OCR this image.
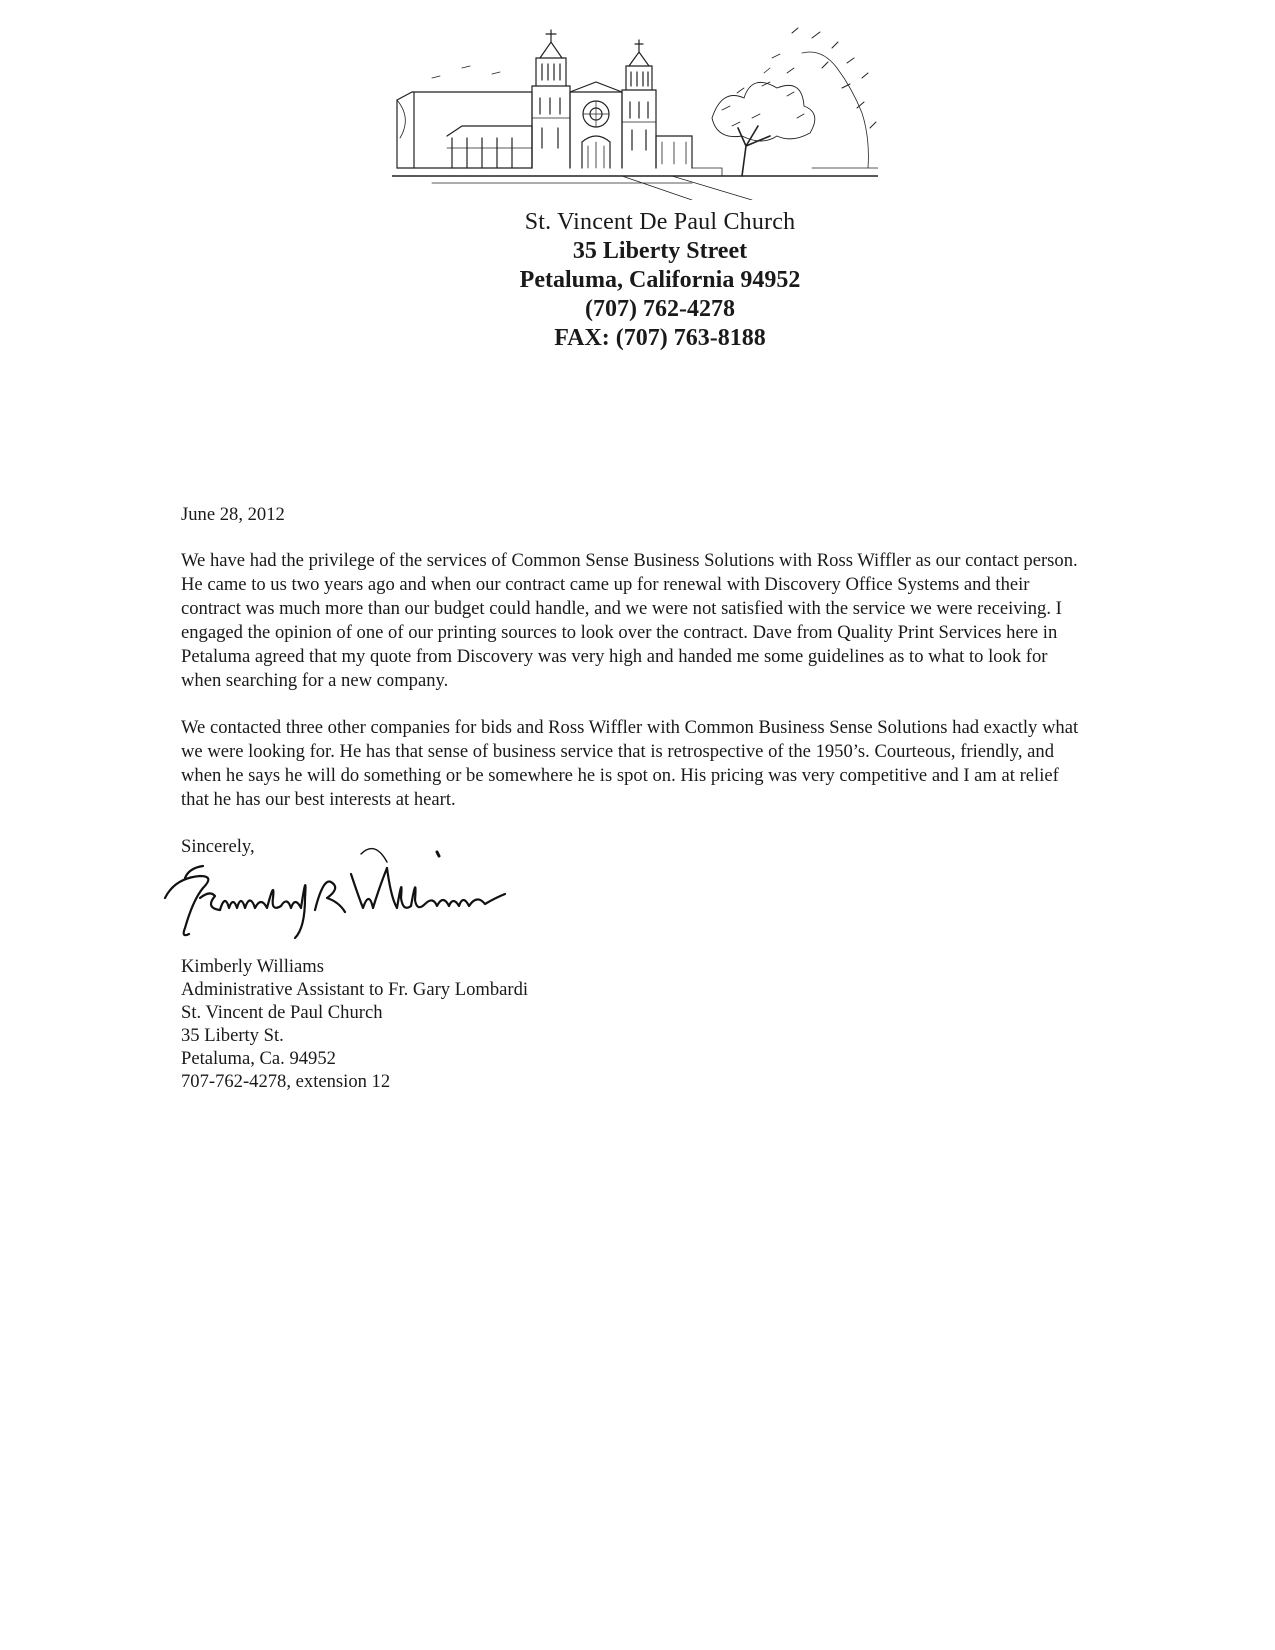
St. Vincent De Paul Church
35 Liberty Street
Petaluma, California 94952
(707) 762-4278
FAX: (707) 763-8188

June 28, 2012

We have had the privilege of the services of Common Sense Business Solutions with Ross Wiffler as our contact person. He came to us two years ago and when our contract came up for renewal with Discovery Office Systems and their contract was much more than our budget could handle, and we were not satisfied with the service we were receiving. I engaged the opinion of one of our printing sources to look over the contract. Dave from Quality Print Services here in Petaluma agreed that my quote from Discovery was very high and handed me some guidelines as to what to look for when searching for a new company.

We contacted three other companies for bids and Ross Wiffler with Common Business Sense Solutions had exactly what we were looking for. He has that sense of business service that is retrospective of the 1950’s. Courteous, friendly, and when he says he will do something or be somewhere he is spot on. His pricing was very competitive and I am at relief that he has our best interests at heart.

Sincerely,

Kimberly Williams
Administrative Assistant to Fr. Gary Lombardi
St. Vincent de Paul Church
35 Liberty St.
Petaluma, Ca. 94952
707-762-4278, extension 12
